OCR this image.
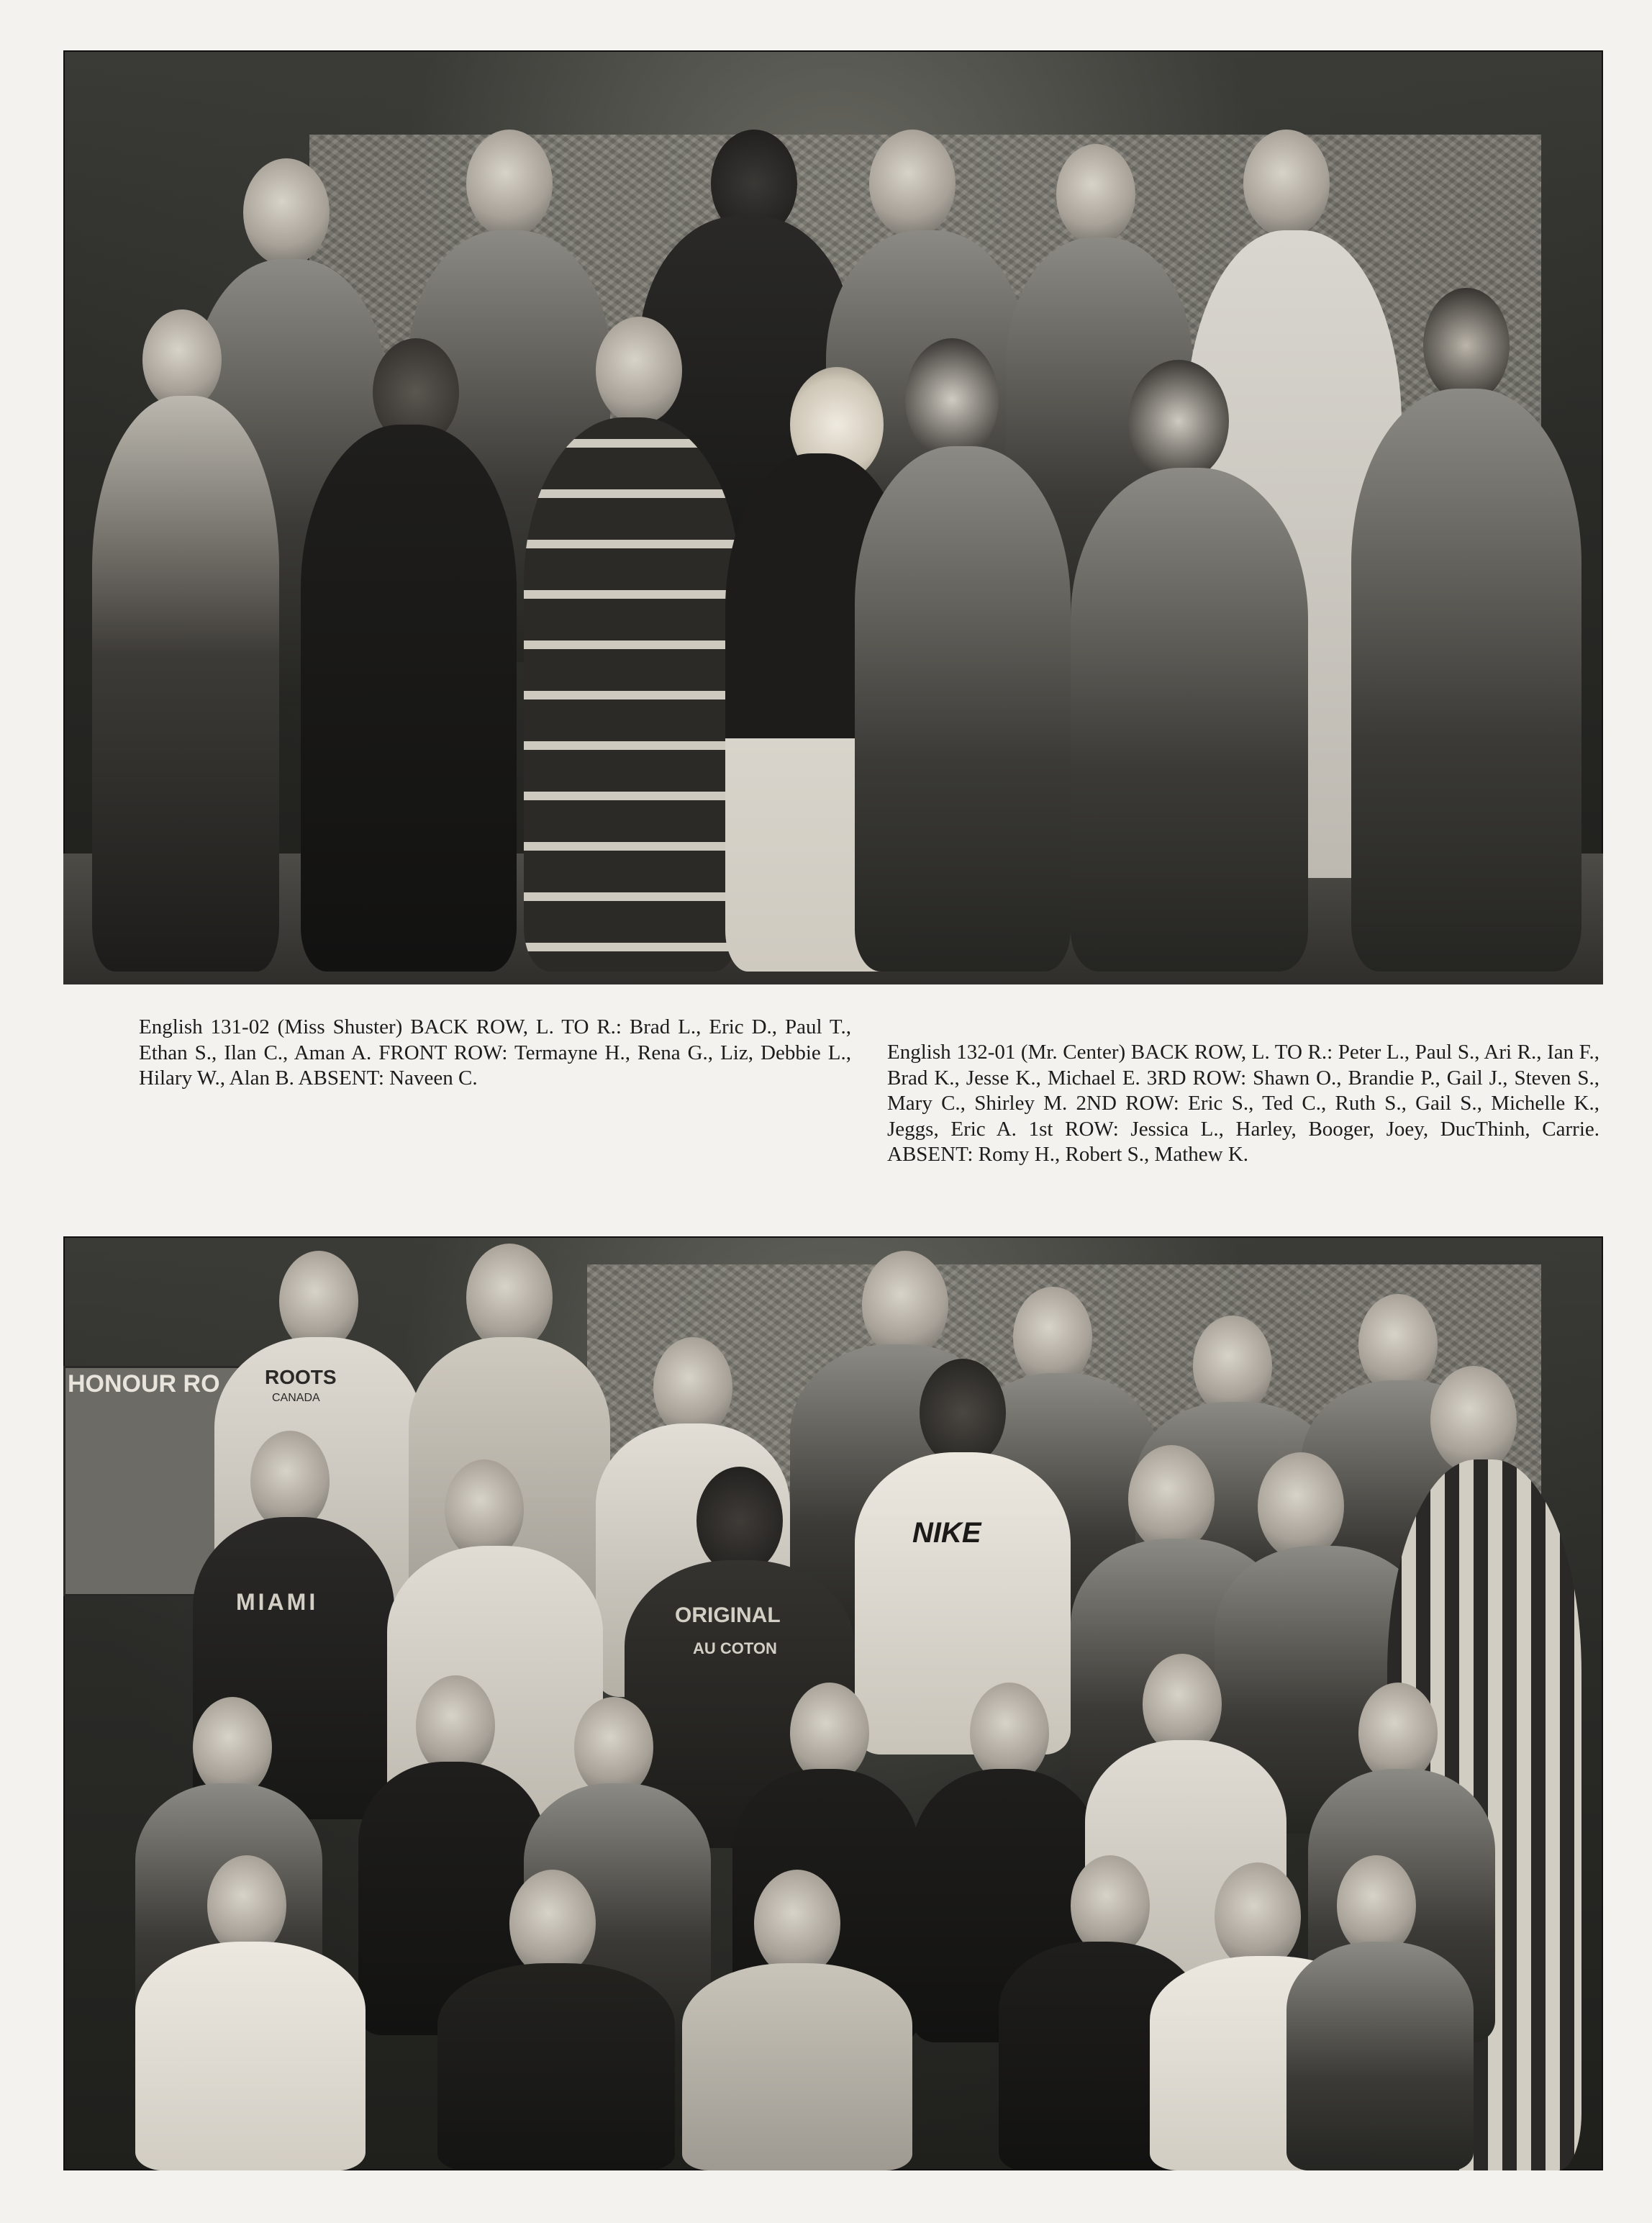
English 131-02 (Miss Shuster) BACK ROW, L. TO R.: Brad L., Eric D., Paul T., Ethan S., Ilan C., Aman A. FRONT ROW: Termayne H., Rena G., Liz, Debbie L., Hilary W., Alan B. ABSENT: Naveen C.

English 132-01 (Mr. Center) BACK ROW, L. TO R.: Peter L., Paul S., Ari R., Ian F., Brad K., Jesse K., Michael E. 3RD ROW: Shawn O., Brandie P., Gail J., Steven S., Mary C., Shirley M. 2ND ROW: Eric S., Ted C., Ruth S., Gail S., Michelle K., Jeggs, Eric A. 1st ROW: Jessica L., Harley, Booger, Joey, DucThinh, Carrie. ABSENT: Romy H., Robert S., Mathew K.

HONOUR RO ROOTS
CANADA
MIAMI
ORIGINAL
AU COTON
NIKE
